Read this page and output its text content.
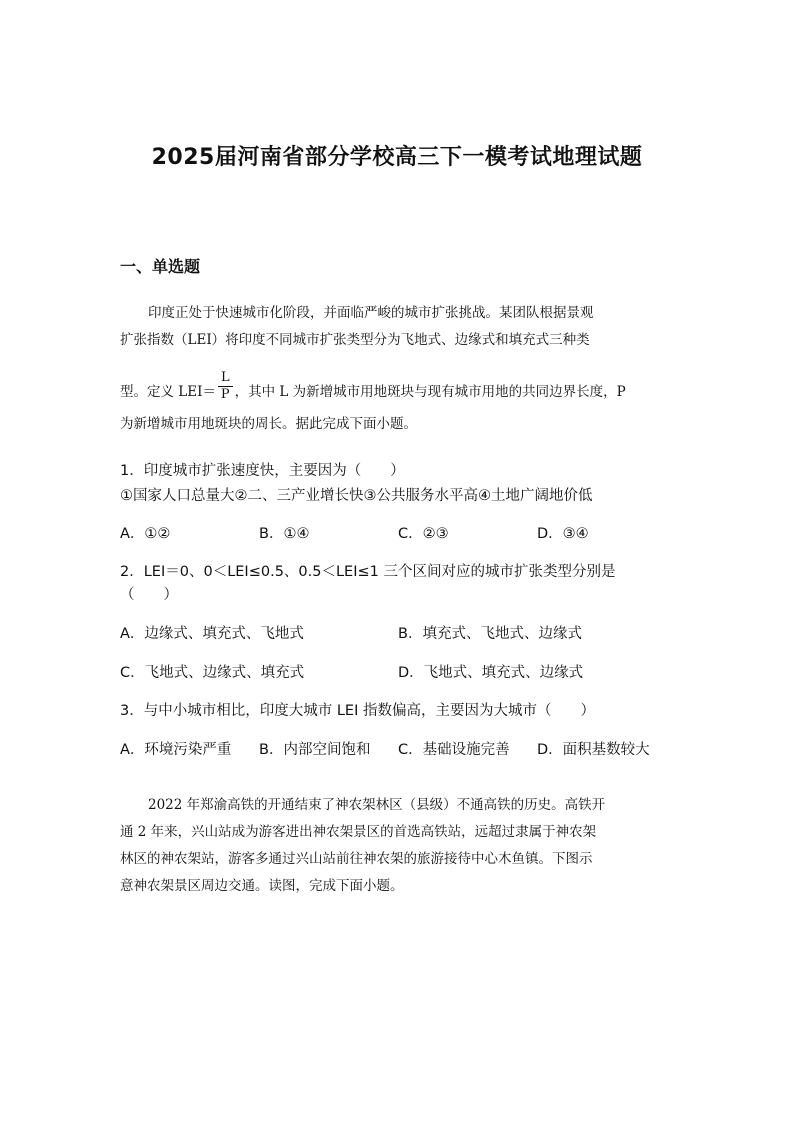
2025届河南省部分学校高三下一模考试地理试题
一、单选题
印度正处于快速城市化阶段，并面临严峻的城市扩张挑战。某团队根据景观
扩张指数（LEI）将印度不同城市扩张类型分为飞地式、边缘式和填充式三种类
型。定义 $LEI= \frac{L}{P}$ ，其中 L 为新增城市用地斑块与现有城市用地的共同边界长度，P
为新增城市用地斑块的周长。据此完成下面小题。
1．印度城市扩张速度快，主要因为（　　）
①国家人口总量大②二、三产业增长快③公共服务水平高④土地广阔地价低
A．①②	B．①④	C．②③	D．③④
2．LEI＝0、0＜LEI≤0.5、0.5＜LEI≤1 三个区间对应的城市扩张类型分别是
（　　）
A．边缘式、填充式、飞地式	B．填充式、飞地式、边缘式
C．飞地式、边缘式、填充式	D．飞地式、填充式、边缘式
3．与中小城市相比，印度大城市 LEI 指数偏高，主要因为大城市（　　）
A．环境污染严重 B．内部空间饱和 C．基础设施完善 D．面积基数较大
2022 年郑渝高铁的开通结束了神农架林区（县级）不通高铁的历史。高铁开
通 2 年来，兴山站成为游客进出神农架景区的首选高铁站，远超过隶属于神农架
林区的神农架站，游客多通过兴山站前往神农架的旅游接待中心木鱼镇。下图示
意神农架景区周边交通。读图，完成下面小题。
